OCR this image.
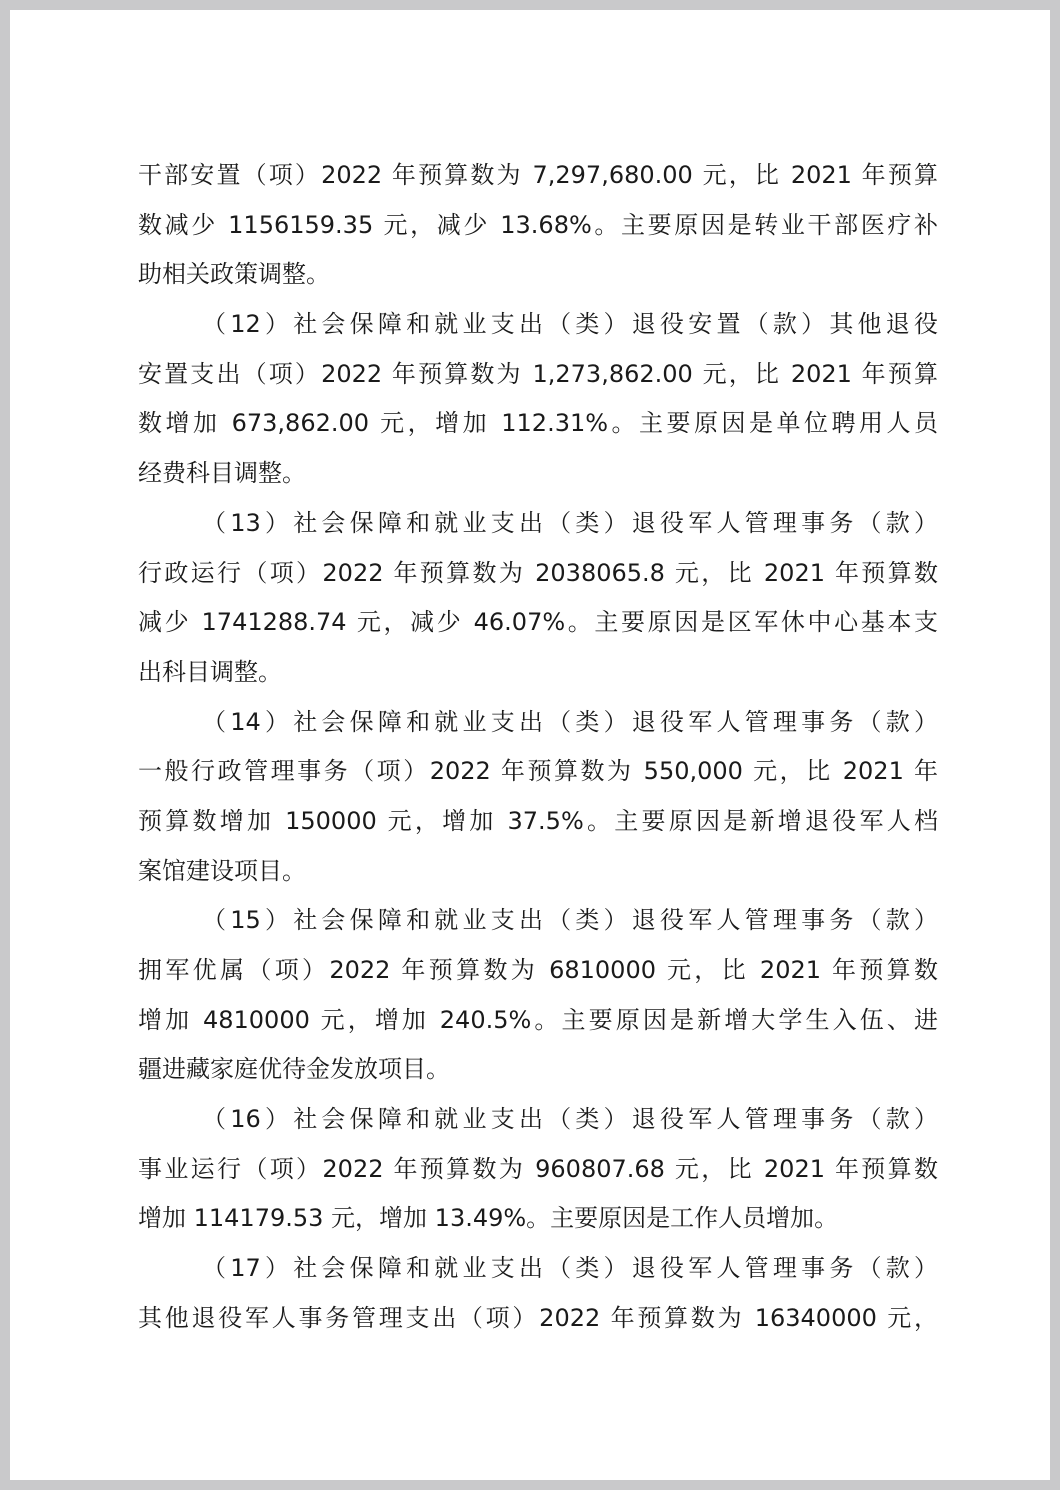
干部安置（项）2022 年预算数为 7,297,680.00 元，比 2021 年预算
数减少 1156159.35 元，减少 13.68%。主要原因是转业干部医疗补
助相关政策调整。
（12）社会保障和就业支出（类）退役安置（款）其他退役
安置支出（项）2022 年预算数为 1,273,862.00 元，比 2021 年预算
数增加 673,862.00 元，增加 112.31%。主要原因是单位聘用人员
经费科目调整。
（13）社会保障和就业支出（类）退役军人管理事务（款）
行政运行（项）2022 年预算数为 2038065.8 元，比 2021 年预算数
减少 1741288.74 元，减少 46.07%。主要原因是区军休中心基本支
出科目调整。
（14）社会保障和就业支出（类）退役军人管理事务（款）
一般行政管理事务（项）2022 年预算数为 550,000 元，比 2021 年
预算数增加 150000 元，增加 37.5%。主要原因是新增退役军人档
案馆建设项目。
（15）社会保障和就业支出（类）退役军人管理事务（款）
拥军优属（项）2022 年预算数为 6810000 元，比 2021 年预算数
增加 4810000 元，增加 240.5%。主要原因是新增大学生入伍、进
疆进藏家庭优待金发放项目。
（16）社会保障和就业支出（类）退役军人管理事务（款）
事业运行（项）2022 年预算数为 960807.68 元，比 2021 年预算数
增加 114179.53 元，增加 13.49%。主要原因是工作人员增加。
（17）社会保障和就业支出（类）退役军人管理事务（款）
其他退役军人事务管理支出（项）2022 年预算数为 16340000 元，
